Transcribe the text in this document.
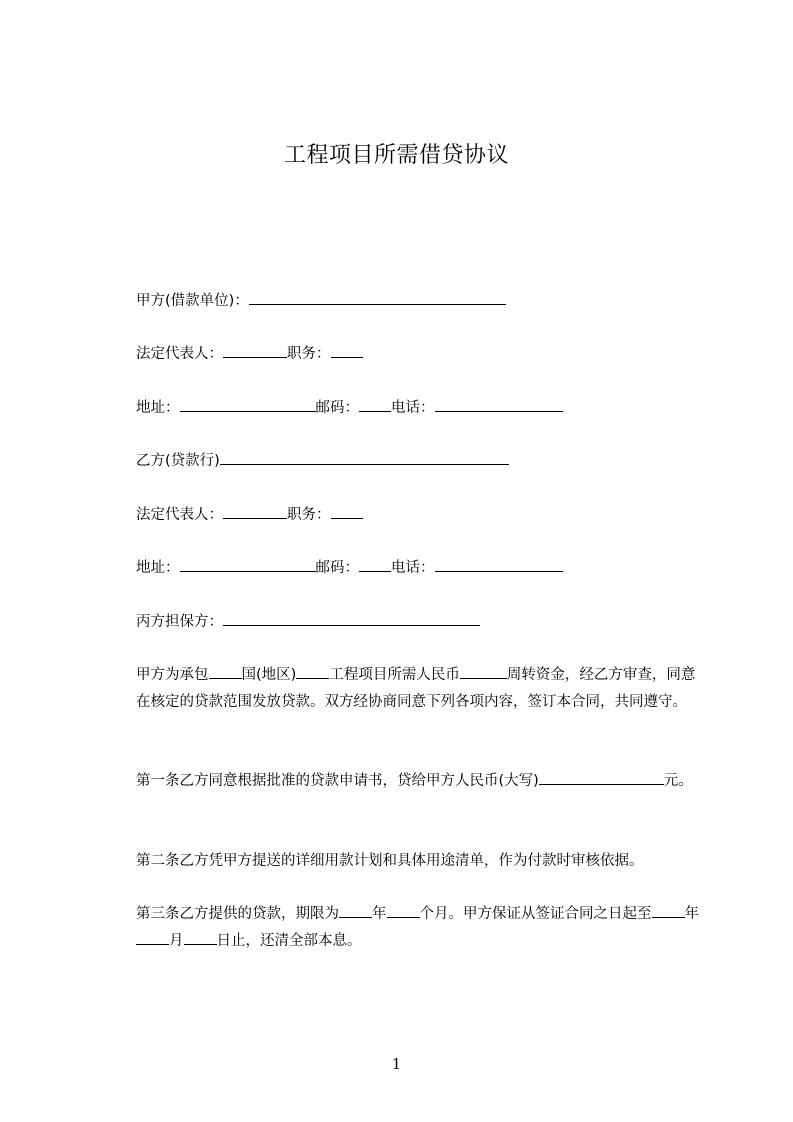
工程项目所需借贷协议
甲方(借款单位)：
法定代表人：	职务：
地址：	邮码： 电话：
乙方(贷款行)
法定代表人：	职务：
地址：	邮码： 电话：
丙方担保方：

甲方为承包 国(地区) 工程项目所需人民币	周转资金，经乙方审查，同意在核定的贷款范围发放贷款。双方经协商同意下列各项内容，签订本合同，共同遵守。

第一条乙方同意根据批准的贷款申请书，贷给甲方人民币(大写)	元。

第二条乙方凭甲方提送的详细用款计划和具体用途清单，作为付款时审核依据。

第三条乙方提供的贷款，期限为 年 个月。甲方保证从签证合同之日起至 年月 日止，还清全部本息。

1
